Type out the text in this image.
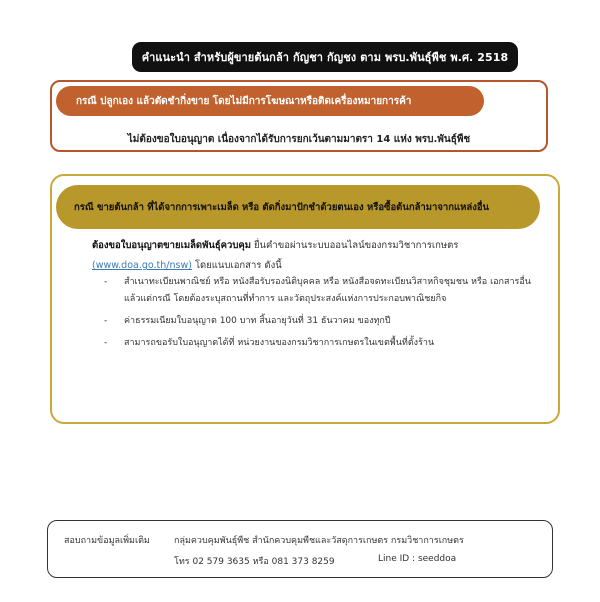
คำแนะนำ สำหรับผู้ขายต้นกล้า กัญชา กัญชง ตาม พรบ.พันธุ์พืช พ.ศ. 2518
กรณี ปลูกเอง แล้วตัดชำกิ่งขาย โดยไม่มีการโฆษณาหรือติดเครื่องหมายการค้า
ไม่ต้องขอใบอนุญาต เนื่องจากได้รับการยกเว้นตามมาตรา 14 แห่ง พรบ.พันธุ์พืช
กรณี ขายต้นกล้า ที่ได้จากการเพาะเมล็ด หรือ ตัดกิ่งมาปักชำด้วยตนเอง หรือซื้อต้นกล้ามาจากแหล่งอื่น
ต้องขอใบอนุญาตขายเมล็ดพันธุ์ควบคุม ยื่นคำขอผ่านระบบออนไลน์ของกรมวิชาการเกษตร
(www.doa.go.th/nsw) โดยแนบเอกสาร ดังนี้
- สำเนาทะเบียนพาณิชย์ หรือ หนังสือรับรองนิติบุคคล หรือ หนังสือจดทะเบียนวิสาหกิจชุมชน หรือ เอกสารอื่นแล้วแต่กรณี โดยต้องระบุสถานที่ทำการ และวัตถุประสงค์แห่งการประกอบพาณิชยกิจ
- ค่าธรรมเนียมใบอนุญาต 100 บาท สิ้นอายุวันที่ 31 ธันวาคม ของทุกปี
- สามารถขอรับใบอนุญาตได้ที่ หน่วยงานของกรมวิชาการเกษตรในเขตพื้นที่ตั้งร้าน
สอบถามข้อมูลเพิ่มเติม	กลุ่มควบคุมพันธุ์พืช สำนักควบคุมพืชและวัสดุการเกษตร กรมวิชาการเกษตร
โทร 02 579 3635 หรือ 081 373 8259	Line ID : seeddoa
